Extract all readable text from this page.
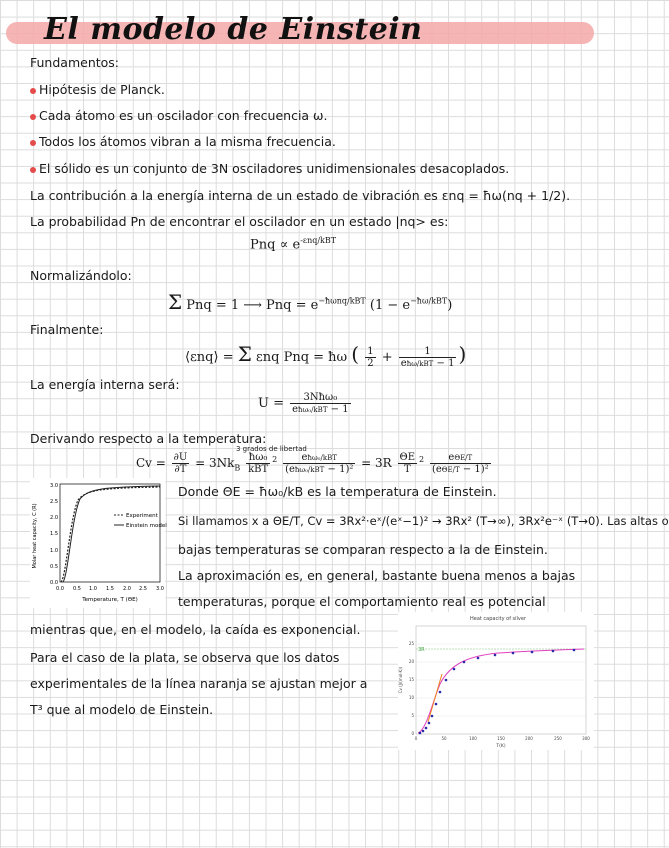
El modelo de Einstein
Fundamentos:
Hipótesis de Planck.
Cada átomo es un oscilador con frecuencia ω.
Todos los átomos vibran a la misma frecuencia.
El sólido es un conjunto de 3N osciladores unidimensionales desacoplados.
La contribución a la energía interna de un estado de vibración es εnq = ħω(nq + 1/2).
La probabilidad Pn de encontrar el oscilador en un estado |nq> es:
Pnq ∝ $e^{-\varepsilon nq/kBT}$
Normalizándolo:
Σ Pnq = 1 ⟶ Pnq = $e^{-ħ\omega nq/kBT}$ $(1 - e^{-ħ\omega/kBT})$
Finalmente:
⟨εnq⟩ = Σ εnq Pnq = ħω ( $\frac{1}{2} + \frac{1}{\text{eħω/kBT − 1}}$ )
La energía interna será:
$U = \frac{\text{3Nħω₀}}{\text{eħω₀/kBT − 1}}$
Derivando respecto a la temperatura:
3 grados de libertad
$Cv = \frac{\partial U}{\partial T} = 3Nk_B \frac{\text{ħω₀}}{\text{kBT}} ^2 \frac{\text{eħω₀/kBT}}{\text{(eħω₀/kBT − 1)²}} = 3R \frac{\Theta E}{T} ^2 \frac{\text{eΘE/T}}{\text{(eΘE/T − 1)²}}$
Molar heat capacity, C (R)
0.0
0.5
1.0
1.5
2.0
2.5
3.0
0.0 0.5 1.0 1.5 2.0 2.5 3.0
Temperature, T (ΘE)
Experiment
Einstein model
Donde ΘE = ħω₀/kB es la temperatura de Einstein.
Si llamamos x a ΘE/T, Cv = 3Rx²·eˣ/(eˣ−1)² → 3Rx² (T→∞), 3Rx²e⁻ˣ (T→0). Las altas o
bajas temperaturas se comparan respecto a la de Einstein.
La aproximación es, en general, bastante buena menos a bajas
temperaturas, porque el comportamiento real es potencial
mientras que, en el modelo, la caída es exponencial.
Para el caso de la plata, se observa que los datos
experimentales de la línea naranja se ajustan mejor a
T³ que al modelo de Einstein.
Heat capacity of silver
Cv (J/(mol·K))
0
5
10
15
20
25
0	50	100	150	200	250	300
T(K)
3R
